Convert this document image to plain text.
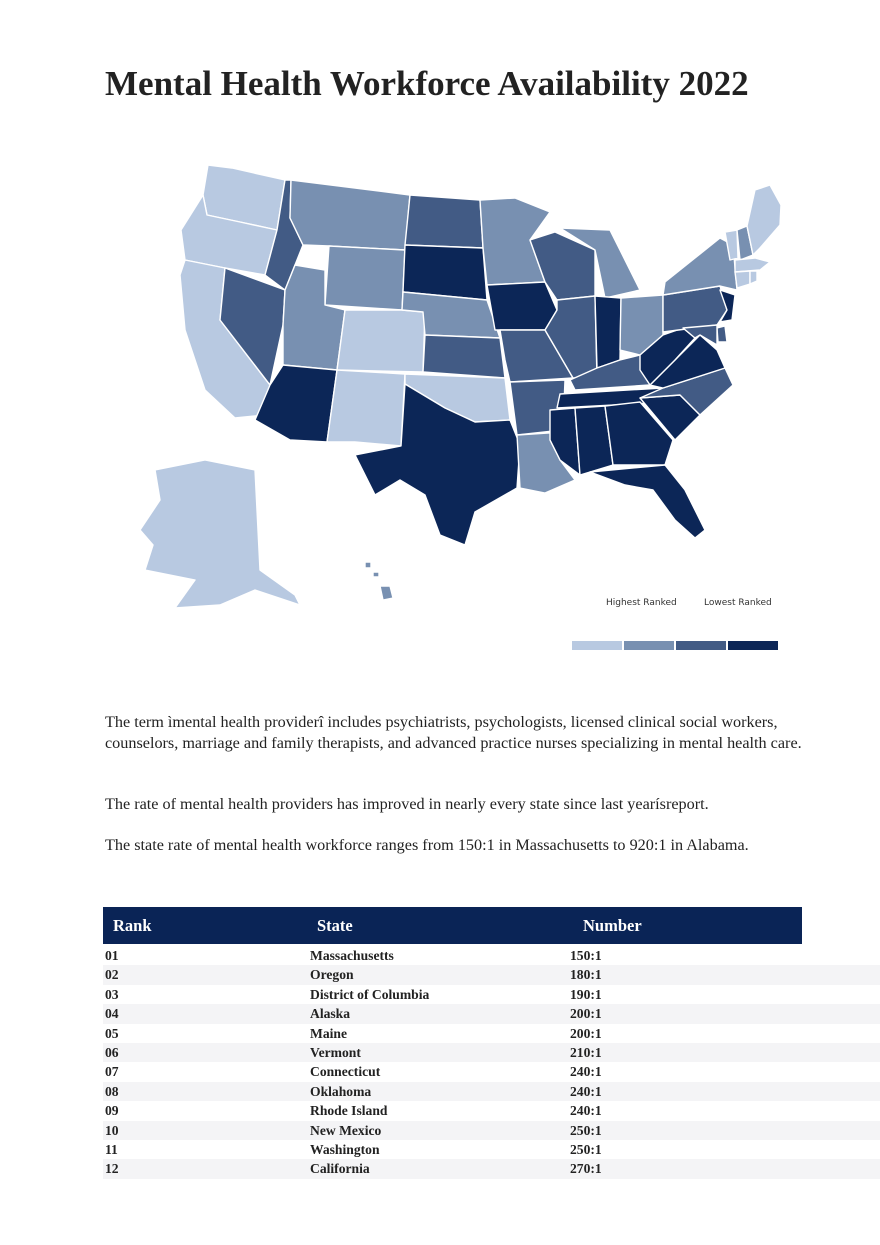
Mental Health Workforce Availability 2022
Highest Ranked	Lowest Ranked

The term ìmental health providerî includes psychiatrists, psychologists, licensed clinical social workers, counselors, marriage and family therapists, and advanced practice nurses specializing in mental health care.

The rate of mental health providers has improved in nearly every state since last yearísreport.

The state rate of mental health workforce ranges from 150:1 in Massachusetts to 920:1 in Alabama.

Rank	State	Number
01	Massachusetts	150:1
02	Oregon	180:1
03	District of Columbia	190:1
04	Alaska	200:1
05	Maine	200:1
06	Vermont	210:1
07	Connecticut	240:1
08	Oklahoma	240:1
09	Rhode Island	240:1
10	New Mexico	250:1
11	Washington	250:1
12	California	270:1
